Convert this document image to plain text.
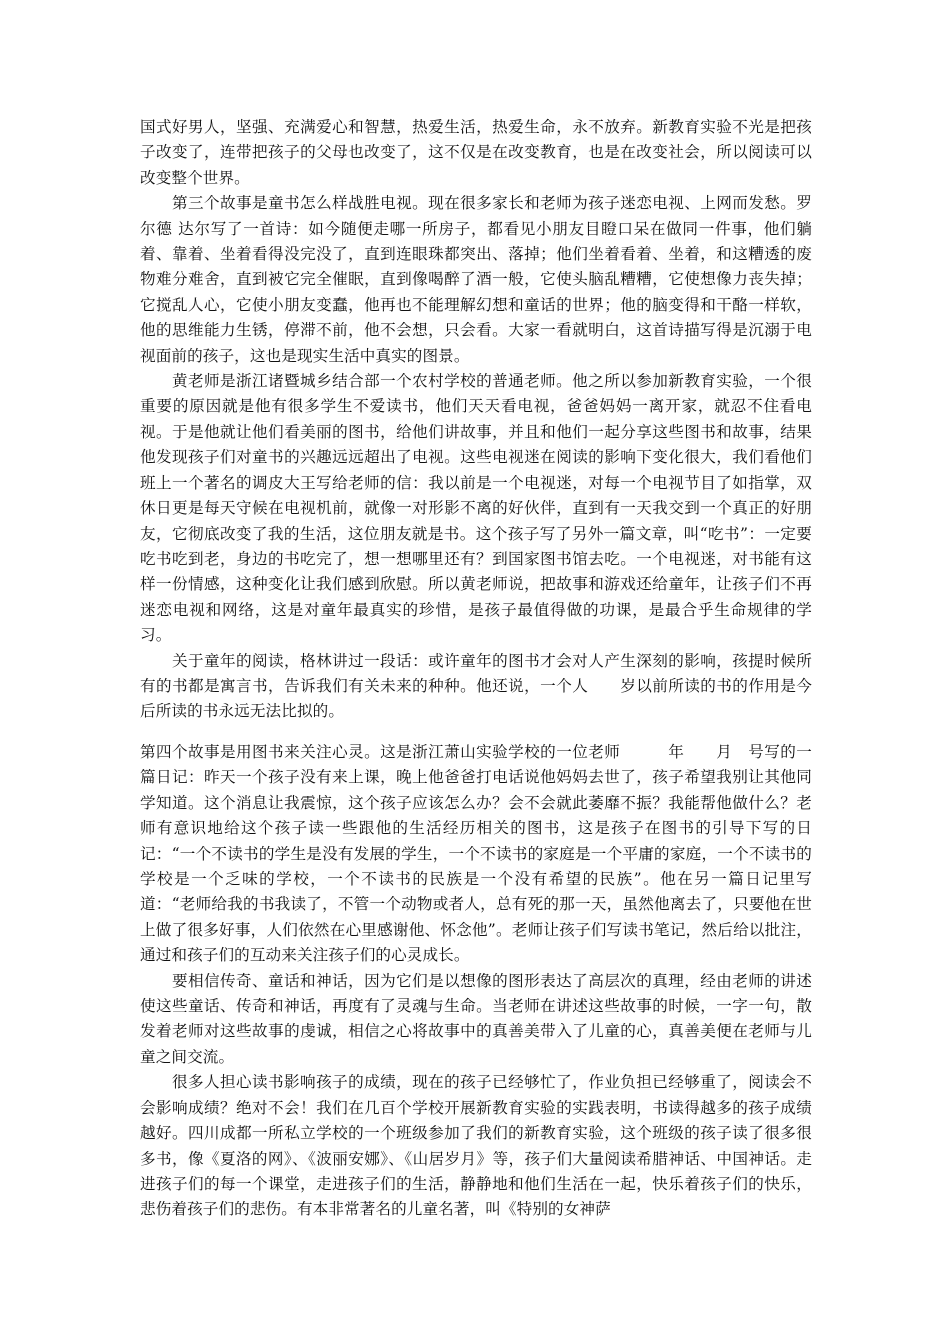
国式好男人，坚强、充满爱心和智慧，热爱生活，热爱生命，永不放弃。新教育实验不光是把孩子改变了，连带把孩子的父母也改变了，这不仅是在改变教育，也是在改变社会，所以阅读可以改变整个世界。

第三个故事是童书怎么样战胜电视。现在很多家长和老师为孩子迷恋电视、上网而发愁。罗尔德 达尔写了一首诗：如今随便走哪一所房子，都看见小朋友目瞪口呆在做同一件事，他们躺着、靠着、坐着看得没完没了，直到连眼珠都突出、落掉；他们坐着看着、坐着，和这糟透的废物难分难舍，直到被它完全催眠，直到像喝醉了酒一般，它使头脑乱糟糟，它使想像力丧失掉；它搅乱人心，它使小朋友变蠢，他再也不能理解幻想和童话的世界；他的脑变得和干酪一样软，他的思维能力生锈，停滞不前，他不会想，只会看。大家一看就明白，这首诗描写得是沉溺于电视面前的孩子，这也是现实生活中真实的图景。

黄老师是浙江诸暨城乡结合部一个农村学校的普通老师。他之所以参加新教育实验，一个很重要的原因就是他有很多学生不爱读书，他们天天看电视，爸爸妈妈一离开家，就忍不住看电视。于是他就让他们看美丽的图书，给他们讲故事，并且和他们一起分享这些图书和故事，结果他发现孩子们对童书的兴趣远远超出了电视。这些电视迷在阅读的影响下变化很大，我们看他们班上一个著名的调皮大王写给老师的信：我以前是一个电视迷，对每一个电视节目了如指掌，双休日更是每天守候在电视机前，就像一对形影不离的好伙伴，直到有一天我交到一个真正的好朋友，它彻底改变了我的生活，这位朋友就是书。这个孩子写了另外一篇文章，叫“吃书”：一定要吃书吃到老，身边的书吃完了，想一想哪里还有？到国家图书馆去吃。一个电视迷，对书能有这样一份情感，这种变化让我们感到欣慰。所以黄老师说，把故事和游戏还给童年，让孩子们不再迷恋电视和网络，这是对童年最真实的珍惜，是孩子最值得做的功课，是最合乎生命规律的学习。

关于童年的阅读，格林讲过一段话：或许童年的图书才会对人产生深刻的影响，孩提时候所有的书都是寓言书，告诉我们有关未来的种种。他还说，一个人　　岁以前所读的书的作用是今后所读的书永远无法比拟的。

第四个故事是用图书来关注心灵。这是浙江萧山实验学校的一位老师　　　年　　月　号写的一篇日记：昨天一个孩子没有来上课，晚上他爸爸打电话说他妈妈去世了，孩子希望我别让其他同学知道。这个消息让我震惊，这个孩子应该怎么办？会不会就此萎靡不振？我能帮他做什么？老师有意识地给这个孩子读一些跟他的生活经历相关的图书，这是孩子在图书的引导下写的日记：“一个不读书的学生是没有发展的学生，一个不读书的家庭是一个平庸的家庭，一个不读书的学校是一个乏味的学校，一个不读书的民族是一个没有希望的民族”。他在另一篇日记里写道：“老师给我的书我读了，不管一个动物或者人，总有死的那一天，虽然他离去了，只要他在世上做了很多好事，人们依然在心里感谢他、怀念他”。老师让孩子们写读书笔记，然后给以批注，通过和孩子们的互动来关注孩子们的心灵成长。

要相信传奇、童话和神话，因为它们是以想像的图形表达了高层次的真理，经由老师的讲述使这些童话、传奇和神话，再度有了灵魂与生命。当老师在讲述这些故事的时候，一字一句，散发着老师对这些故事的虔诚，相信之心将故事中的真善美带入了儿童的心，真善美便在老师与儿童之间交流。

很多人担心读书影响孩子的成绩，现在的孩子已经够忙了，作业负担已经够重了，阅读会不会影响成绩？绝对不会！我们在几百个学校开展新教育实验的实践表明，书读得越多的孩子成绩越好。四川成都一所私立学校的一个班级参加了我们的新教育实验，这个班级的孩子读了很多很多书，像《夏洛的网》、《波丽安娜》、《山居岁月》等，孩子们大量阅读希腊神话、中国神话。走进孩子们的每一个课堂，走进孩子们的生活，静静地和他们生活在一起，快乐着孩子们的快乐，悲伤着孩子们的悲伤。有本非常著名的儿童名著，叫《特别的女神萨
